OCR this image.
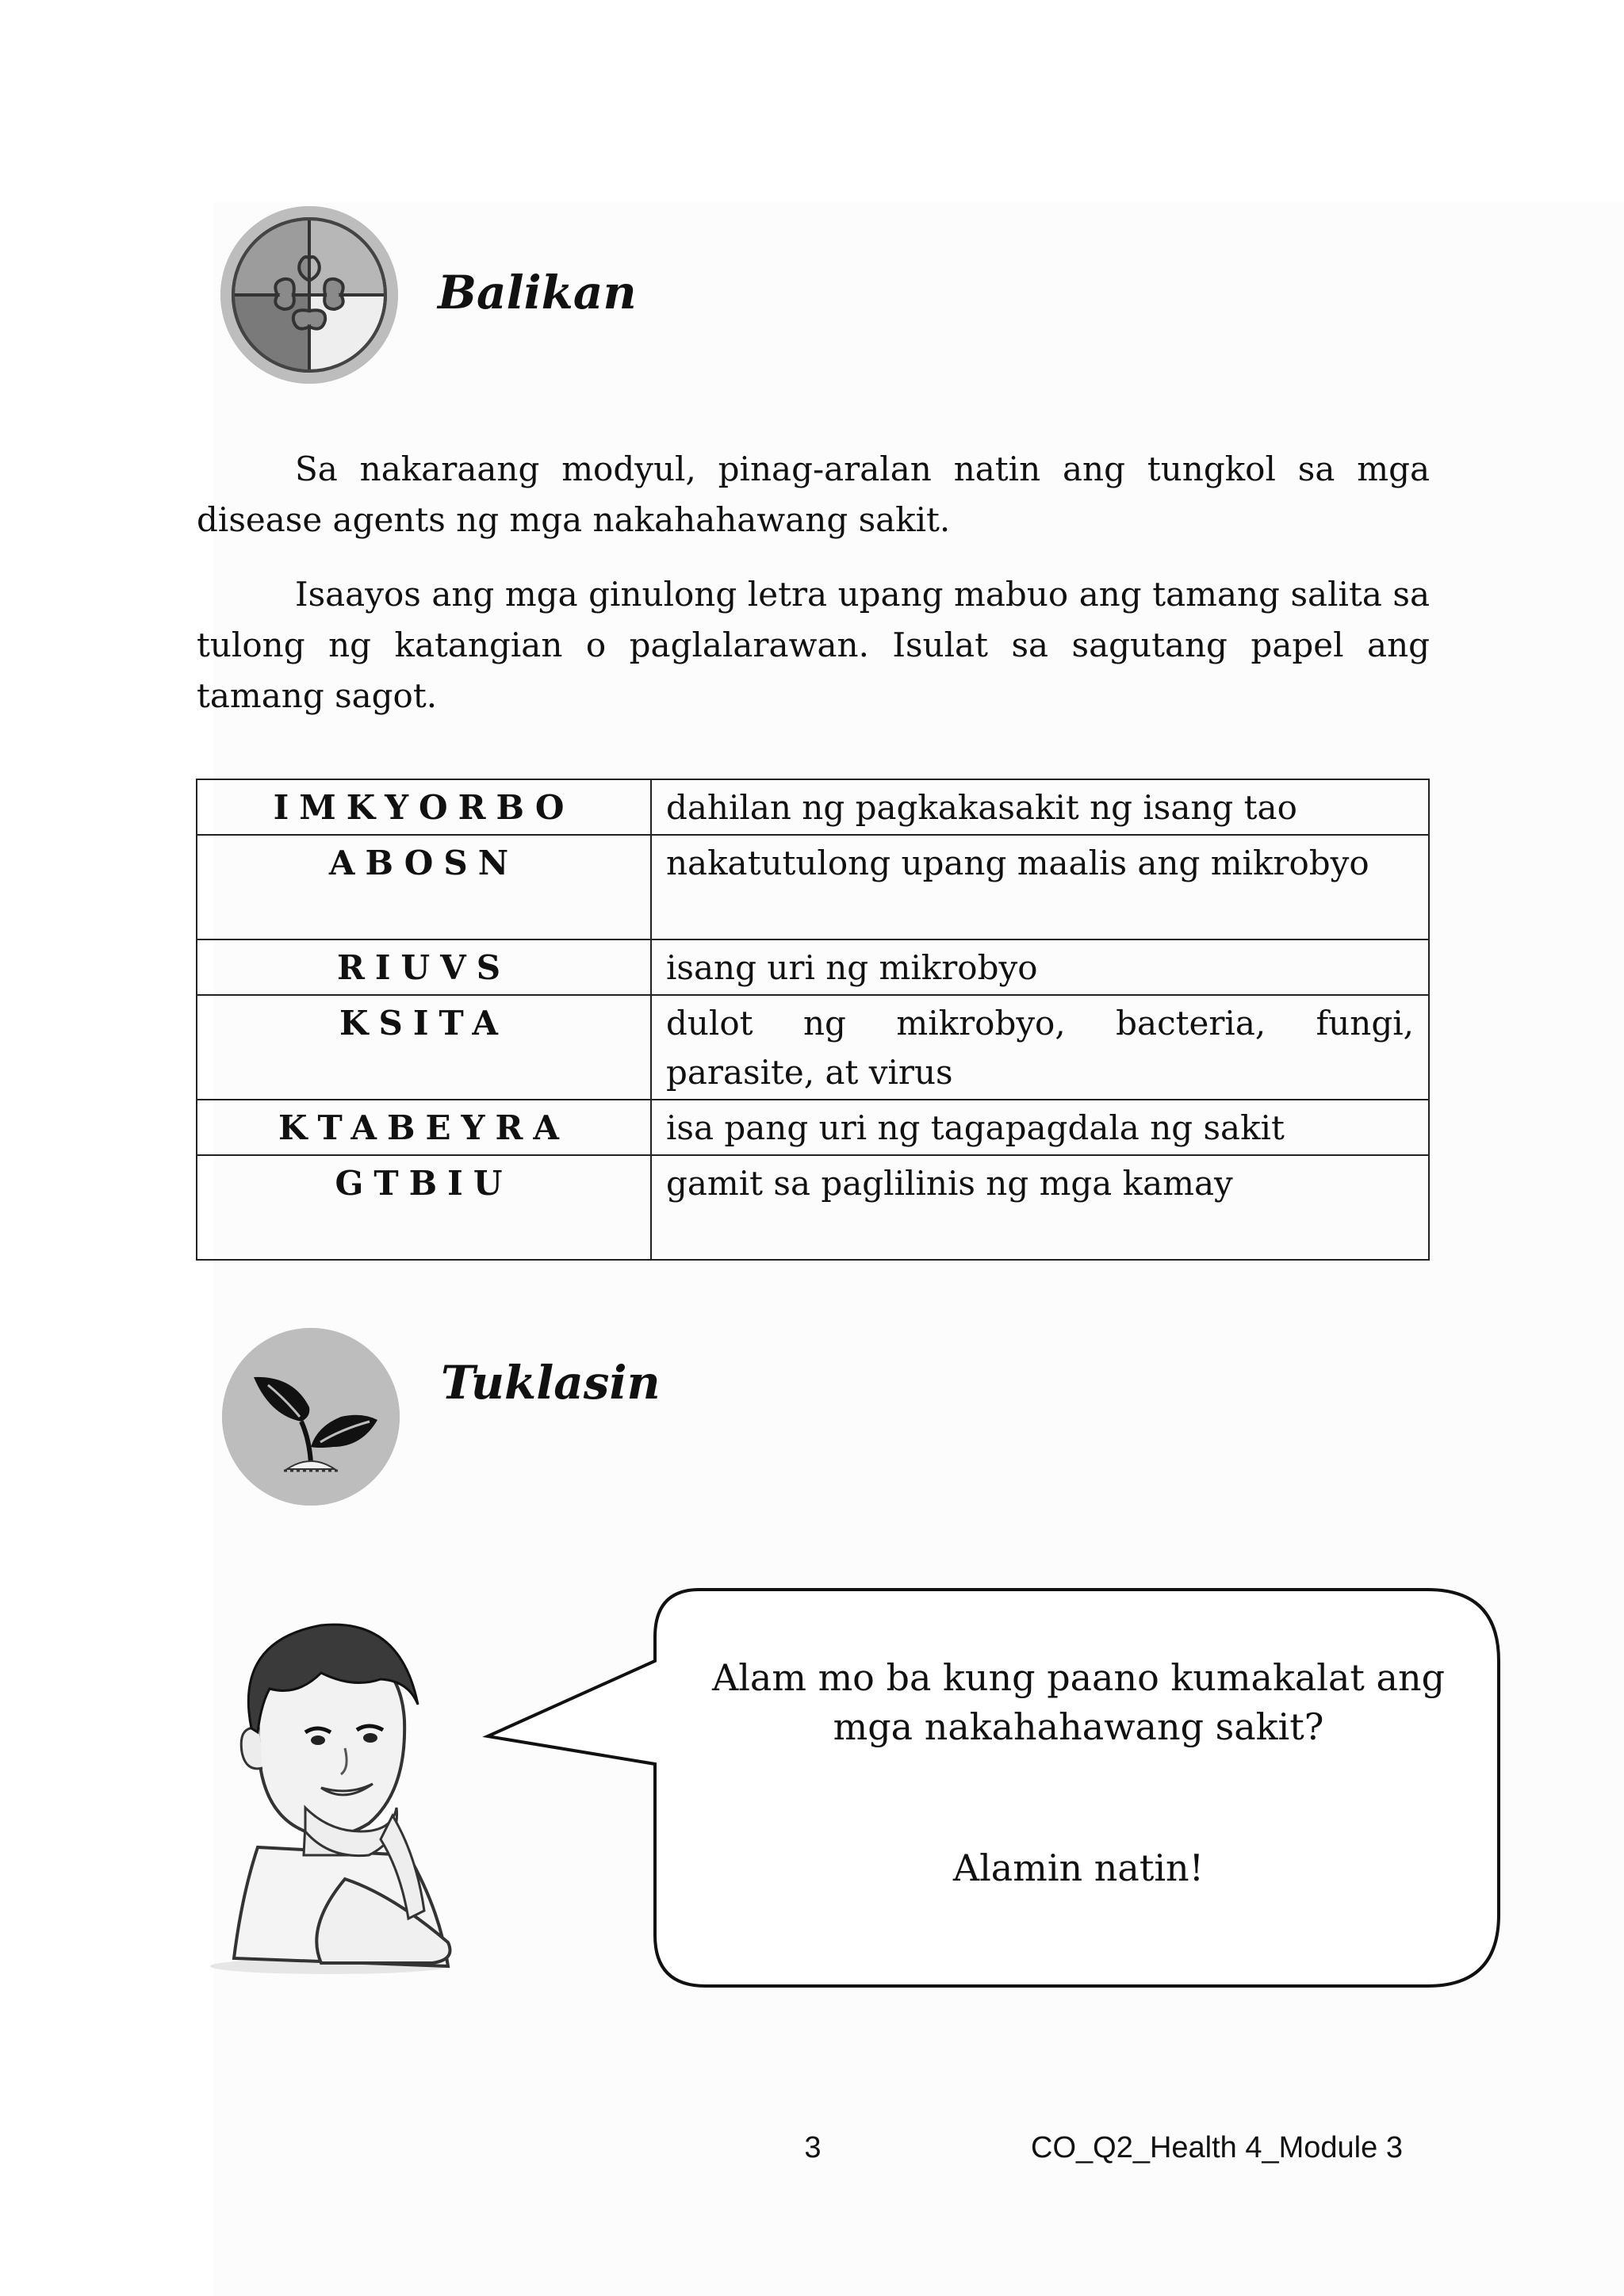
Balikan

Sa nakaraang modyul, pinag-aralan natin ang tungkol sa mga disease agents ng mga nakahahawang sakit.

Isaayos ang mga ginulong letra upang mabuo ang tamang salita sa tulong ng katangian o paglalarawan. Isulat sa sagutang papel ang tamang sagot.

IMKYORBO	dahilan ng pagkakasakit ng isang tao
ABOSN	nakatutulong upang maalis ang mikrobyo
RIUVS	isang uri ng mikrobyo
KSITA	dulot ng mikrobyo, bacteria, fungi, parasite, at virus
KTABEYRA	isa pang uri ng tagapagdala ng sakit
GTBIU	gamit sa paglilinis ng mga kamay
Tuklasin
Alam mo ba kung paano kumakalat ang
mga nakahahawang sakit?
Alamin natin!
3	CO_Q2_Health 4_Module 3
